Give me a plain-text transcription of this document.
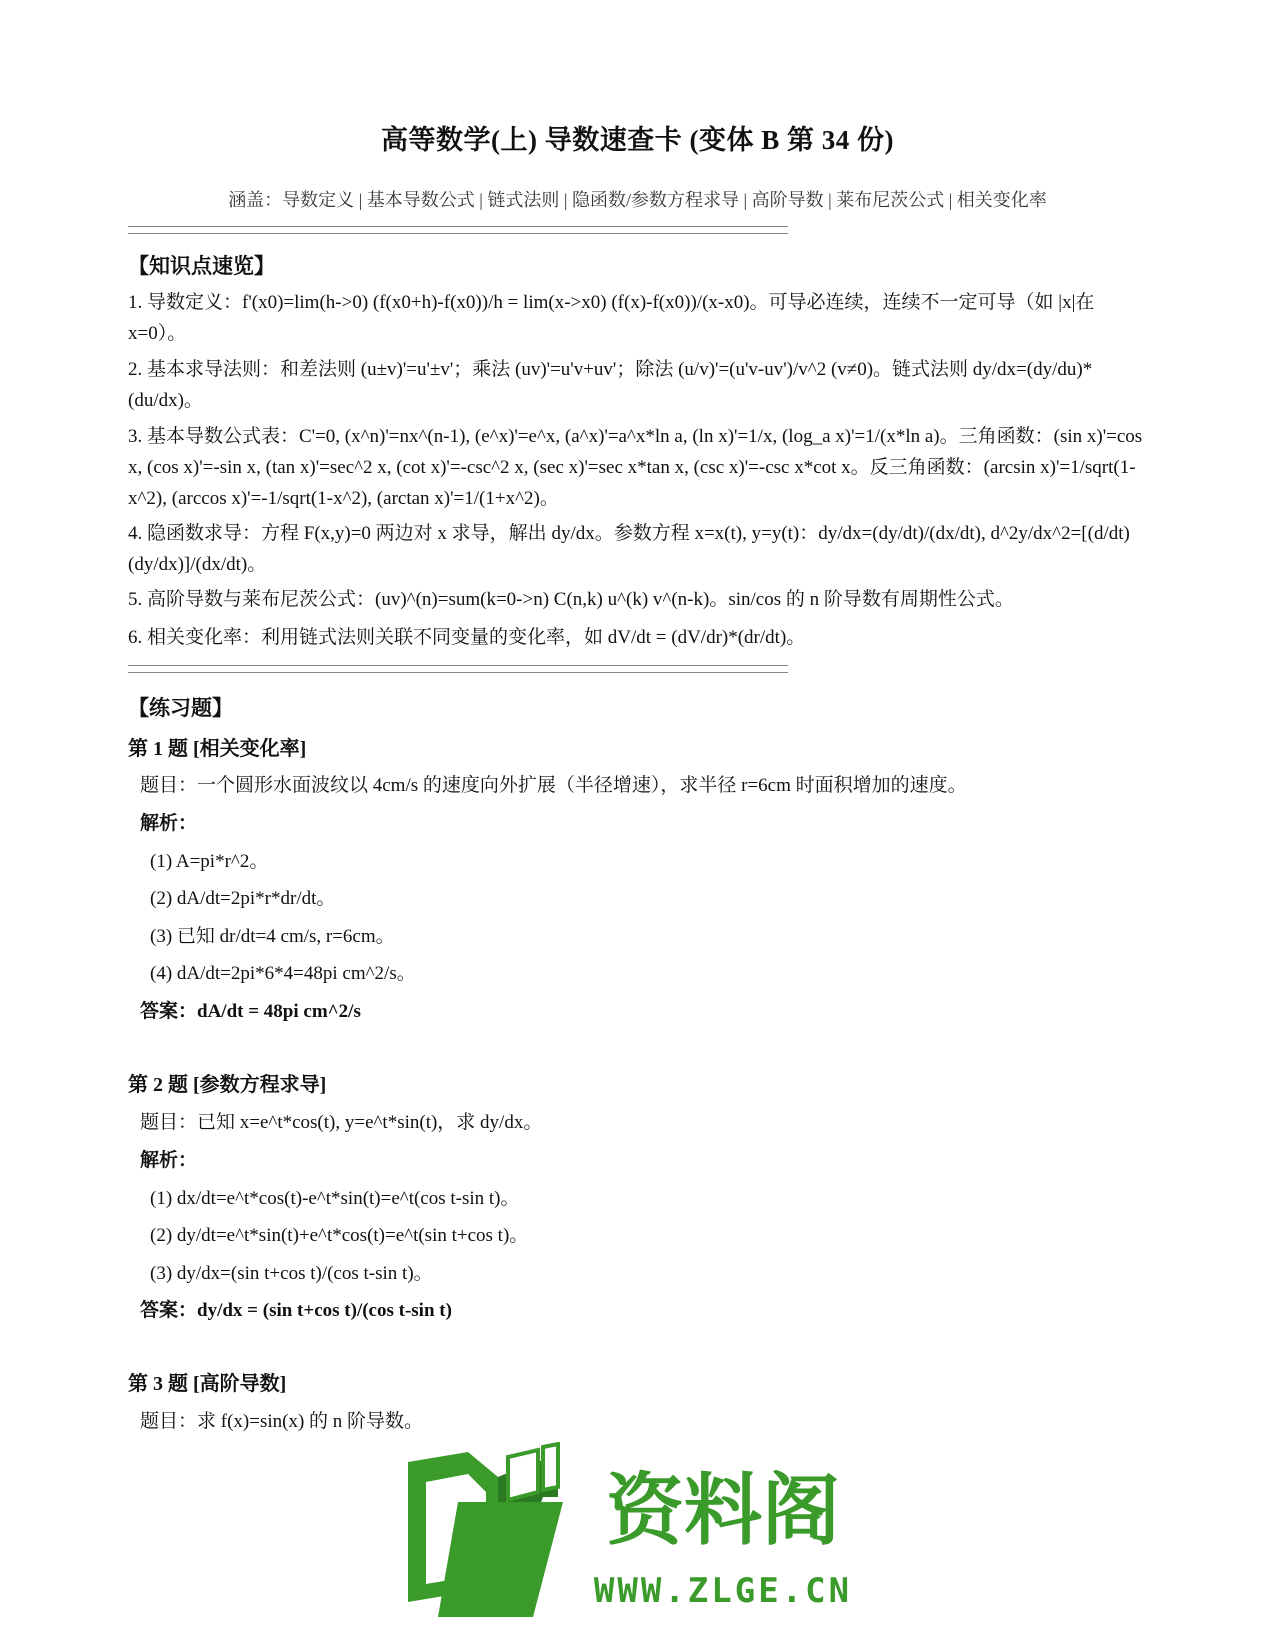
高等数学(上) 导数速查卡 (变体 B 第 34 份)
涵盖：导数定义 | 基本导数公式 | 链式法则 | 隐函数/参数方程求导 | 高阶导数 | 莱布尼茨公式 | 相关变化率
【知识点速览】
1. 导数定义：f'(x0)=lim(h->0) (f(x0+h)-f(x0))/h = lim(x->x0) (f(x)-f(x0))/(x-x0)。可导必连续，连续不一定可导（如 |x|在 x=0）。
2. 基本求导法则：和差法则 (u±v)'=u'±v'；乘法 (uv)'=u'v+uv'；除法 (u/v)'=(u'v-uv')/v^2 (v≠0)。链式法则 dy/dx=(dy/du)*(du/dx)。
3. 基本导数公式表：C'=0, (x^n)'=nx^(n-1), (e^x)'=e^x, (a^x)'=a^x*ln a, (ln x)'=1/x, (log_a x)'=1/(x*ln a)。三角函数：(sin x)'=cos x, (cos x)'=-sin x, (tan x)'=sec^2 x, (cot x)'=-csc^2 x, (sec x)'=sec x*tan x, (csc x)'=-csc x*cot x。反三角函数：(arcsin x)'=1/sqrt(1-x^2), (arccos x)'=-1/sqrt(1-x^2), (arctan x)'=1/(1+x^2)。
4. 隐函数求导：方程 F(x,y)=0 两边对 x 求导，解出 dy/dx。参数方程 x=x(t), y=y(t)：dy/dx=(dy/dt)/(dx/dt), d^2y/dx^2=[(d/dt)(dy/dx)]/(dx/dt)。
5. 高阶导数与莱布尼茨公式：(uv)^(n)=sum(k=0->n) C(n,k) u^(k) v^(n-k)。sin/cos 的 n 阶导数有周期性公式。
6. 相关变化率：利用链式法则关联不同变量的变化率，如 dV/dt = (dV/dr)*(dr/dt)。
【练习题】
第 1 题 [相关变化率]
题目：一个圆形水面波纹以 4cm/s 的速度向外扩展（半径增速），求半径 r=6cm 时面积增加的速度。
解析：
(1) A=pi*r^2。
(2) dA/dt=2pi*r*dr/dt。
(3) 已知 dr/dt=4 cm/s, r=6cm。
(4) dA/dt=2pi*6*4=48pi cm^2/s。
答案：dA/dt = 48pi cm^2/s
第 2 题 [参数方程求导]
题目：已知 x=e^t*cos(t), y=e^t*sin(t)，求 dy/dx。
解析：
(1) dx/dt=e^t*cos(t)-e^t*sin(t)=e^t(cos t-sin t)。
(2) dy/dt=e^t*sin(t)+e^t*cos(t)=e^t(sin t+cos t)。
(3) dy/dx=(sin t+cos t)/(cos t-sin t)。
答案：dy/dx = (sin t+cos t)/(cos t-sin t)
第 3 题 [高阶导数]
题目：求 f(x)=sin(x) 的 n 阶导数。
资料阁
WWW.ZLGE.CN
